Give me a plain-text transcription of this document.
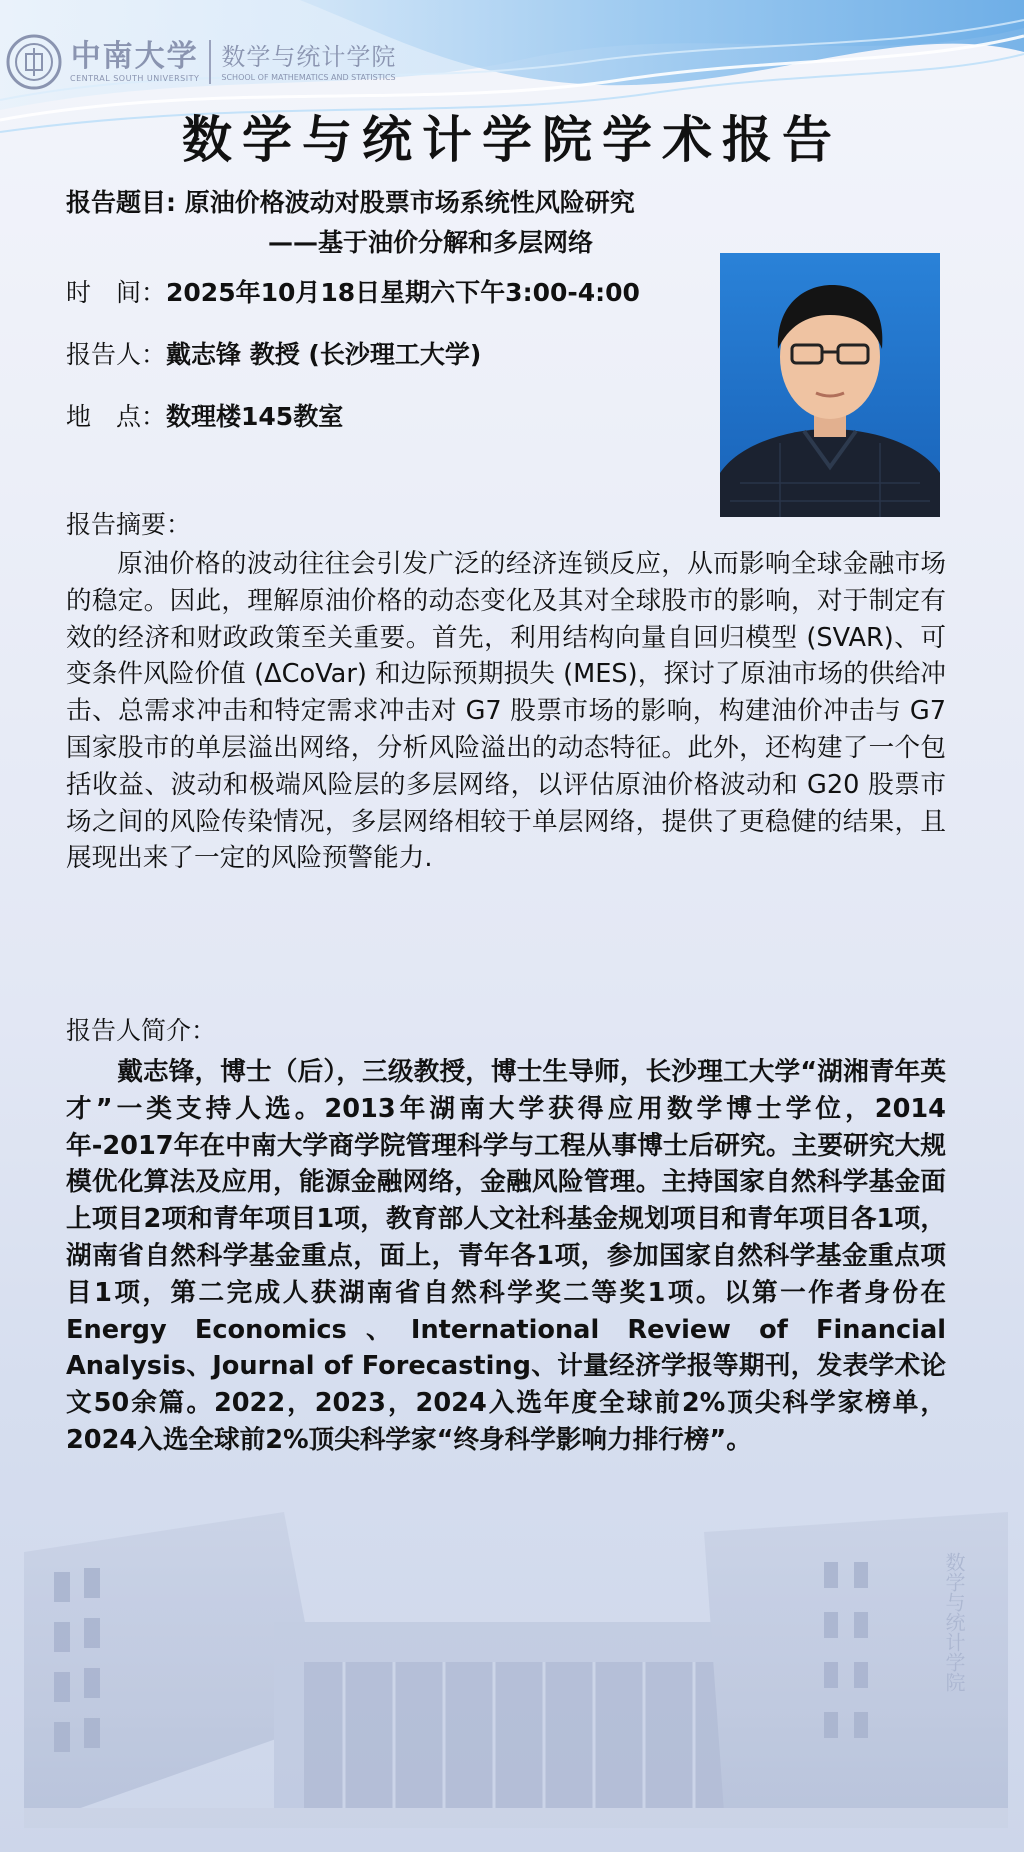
中南大学
CENTRAL SOUTH UNIVERSITY
数学与统计学院
SCHOOL OF MATHEMATICS AND STATISTICS
数学与统计学院学术报告
报告题目: 原油价格波动对股票市场系统性风险研究
——基于油价分解和多层网络
时　间：2025年10月18日星期六下午3:00-4:00
报告人：戴志锋 教授 (长沙理工大学)
地　点：数理楼145教室
报告摘要：

原油价格的波动往往会引发广泛的经济连锁反应，从而影响全球金融市场的稳定。因此，理解原油价格的动态变化及其对全球股市的影响，对于制定有效的经济和财政政策至关重要。首先，利用结构向量自回归模型 (SVAR)、可变条件风险价值 (ΔCoVar) 和边际预期损失 (MES)，探讨了原油市场的供给冲击、总需求冲击和特定需求冲击对 G7 股票市场的影响，构建油价冲击与 G7 国家股市的单层溢出网络，分析风险溢出的动态特征。此外，还构建了一个包括收益、波动和极端风险层的多层网络，以评估原油价格波动和 G20 股票市场之间的风险传染情况，多层网络相较于单层网络，提供了更稳健的结果，且展现出来了一定的风险预警能力.

报告人简介：

戴志锋，博士（后），三级教授，博士生导师，长沙理工大学“湖湘青年英才”一类支持人选。2013年湖南大学获得应用数学博士学位，2014年-2017年在中南大学商学院管理科学与工程从事博士后研究。主要研究大规模优化算法及应用，能源金融网络，金融风险管理。主持国家自然科学基金面上项目2项和青年项目1项，教育部人文社科基金规划项目和青年项目各1项，湖南省自然科学基金重点，面上，青年各1项，参加国家自然科学基金重点项目1项，第二完成人获湖南省自然科学奖二等奖1项。以第一作者身份在Energy Economics、International Review of Financial Analysis、Journal of Forecasting、计量经济学报等期刊，发表学术论文50余篇。2022，2023，2024入选年度全球前2%顶尖科学家榜单， 2024入选全球前2%顶尖科学家“终身科学影响力排行榜”。

数学与统计学院
